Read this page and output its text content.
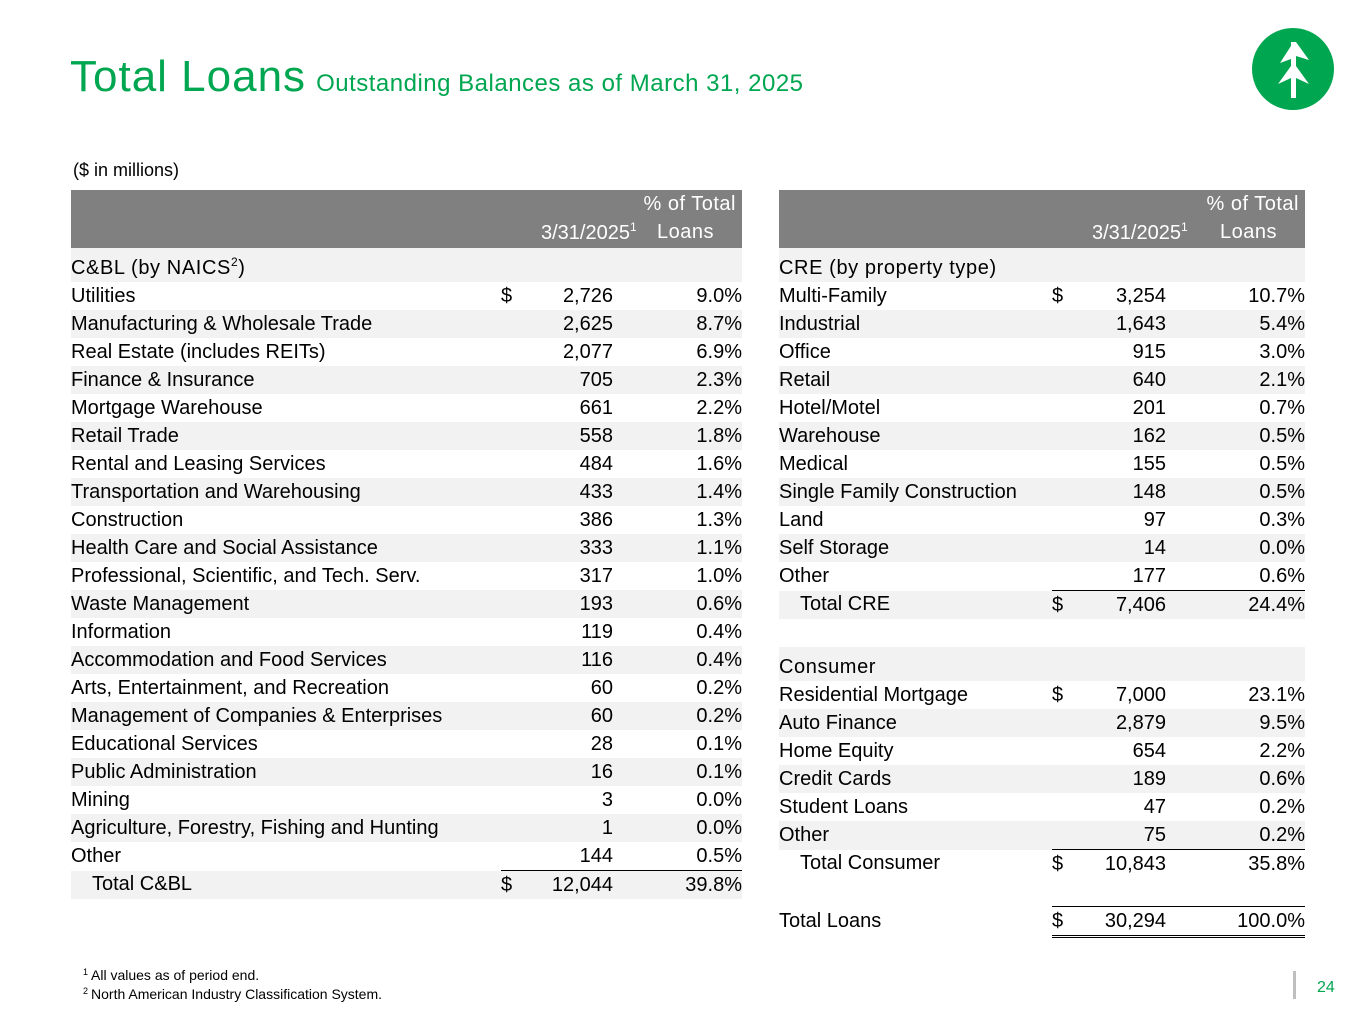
Total Loans Outstanding Balances as of March 31, 2025
($ in millions)
		3/31/2025$^1$	% of Total
Loans

C&BL (by NAICS$^2$)			
Utilities	$	2,726	9.0%
Manufacturing & Wholesale Trade		2,625	8.7%
Real Estate (includes REITs)		2,077	6.9%
Finance & Insurance		705	2.3%
Mortgage Warehouse		661	2.2%
Retail Trade		558	1.8%
Rental and Leasing Services		484	1.6%
Transportation and Warehousing		433	1.4%
Construction		386	1.3%
Health Care and Social Assistance		333	1.1%
Professional, Scientific, and Tech. Serv.		317	1.0%
Waste Management		193	0.6%
Information		119	0.4%
Accommodation and Food Services		116	0.4%
Arts, Entertainment, and Recreation		60	0.2%
Management of Companies & Enterprises		60	0.2%
Educational Services		28	0.1%
Public Administration		16	0.1%
Mining		3	0.0%
Agriculture, Forestry, Fishing and Hunting		1	0.0%
Other		144	0.5%
Total C&BL	$	12,044	39.8%
		3/31/2025$^1$	% of Total
Loans

CRE (by property type)			
Multi-Family	$	3,254	10.7%
Industrial		1,643	5.4%
Office		915	3.0%
Retail		640	2.1%
Hotel/Motel		201	0.7%
Warehouse		162	0.5%
Medical		155	0.5%
Single Family Construction		148	0.5%
Land		97	0.3%
Self Storage		14	0.0%
Other		177	0.6%
Total CRE	$	7,406	24.4%

Consumer			
Residential Mortgage	$	7,000	23.1%
Auto Finance		2,879	9.5%
Home Equity		654	2.2%
Credit Cards		189	0.6%
Student Loans		47	0.2%
Other		75	0.2%
Total Consumer	$	10,843	35.8%

Total Loans	$	30,294	100.0%
$^1$ All values as of period end.
$^2$ North American Industry Classification System.	24
